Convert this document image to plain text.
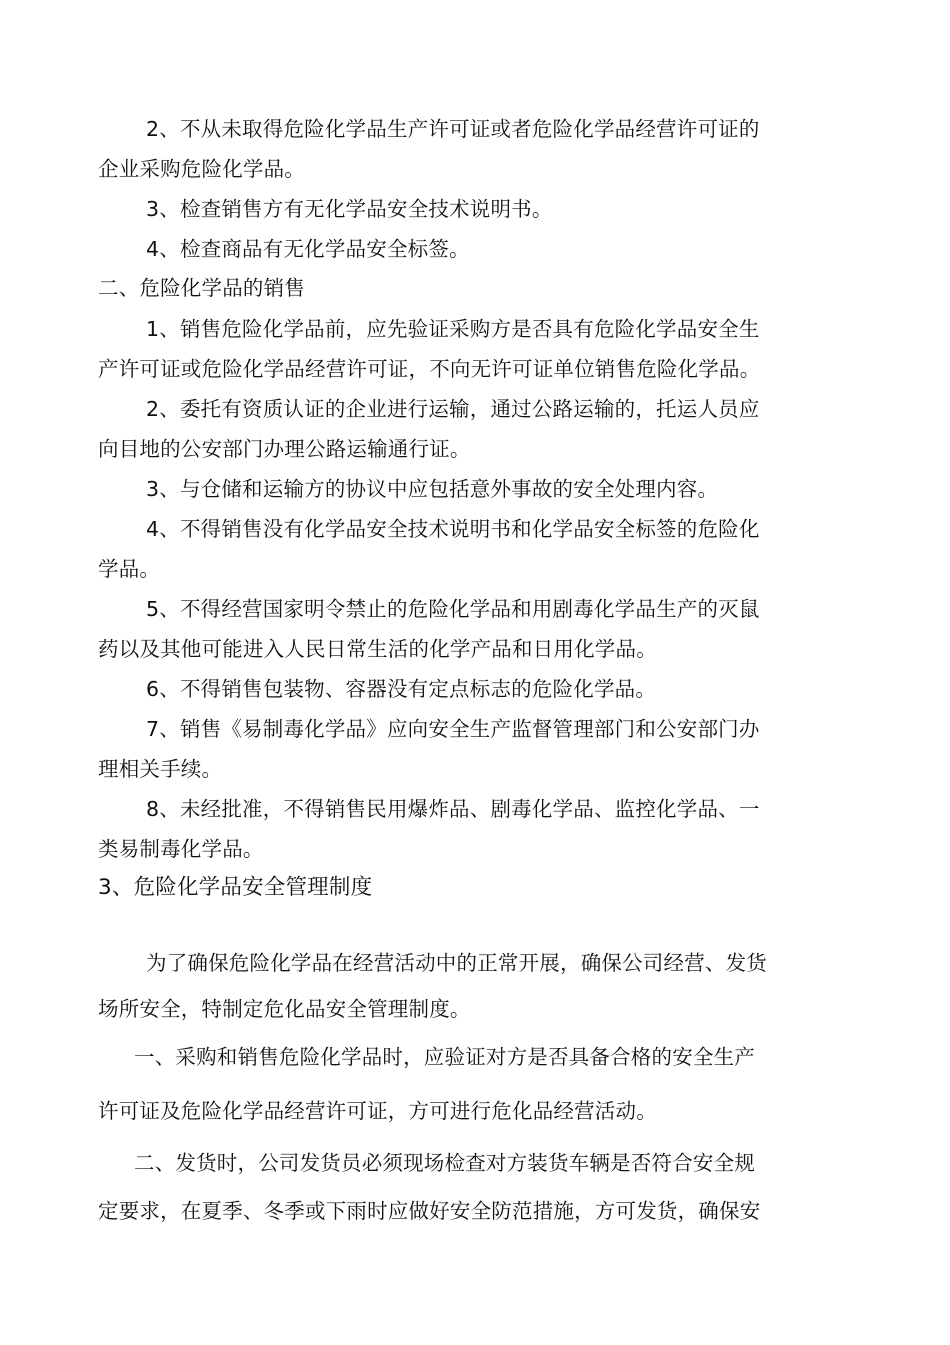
2、不从未取得危险化学品生产许可证或者危险化学品经营许可证的

企业采购危险化学品。

3、检查销售方有无化学品安全技术说明书。

4、检查商品有无化学品安全标签。

二、危险化学品的销售

1、销售危险化学品前，应先验证采购方是否具有危险化学品安全生

产许可证或危险化学品经营许可证，不向无许可证单位销售危险化学品。

2、委托有资质认证的企业进行运输，通过公路运输的，托运人员应

向目地的公安部门办理公路运输通行证。

3、与仓储和运输方的协议中应包括意外事故的安全处理内容。

4、不得销售没有化学品安全技术说明书和化学品安全标签的危险化

学品。

5、不得经营国家明令禁止的危险化学品和用剧毒化学品生产的灭鼠

药以及其他可能进入人民日常生活的化学产品和日用化学品。

6、不得销售包装物、容器没有定点标志的危险化学品。

7、销售《易制毒化学品》应向安全生产监督管理部门和公安部门办

理相关手续。

8、未经批准，不得销售民用爆炸品、剧毒化学品、监控化学品、一

类易制毒化学品。

3、危险化学品安全管理制度

为了确保危险化学品在经营活动中的正常开展，确保公司经营、发货

场所安全，特制定危化品安全管理制度。

一、采购和销售危险化学品时，应验证对方是否具备合格的安全生产

许可证及危险化学品经营许可证，方可进行危化品经营活动。

二、发货时，公司发货员必须现场检查对方装货车辆是否符合安全规

定要求，在夏季、冬季或下雨时应做好安全防范措施，方可发货，确保安
